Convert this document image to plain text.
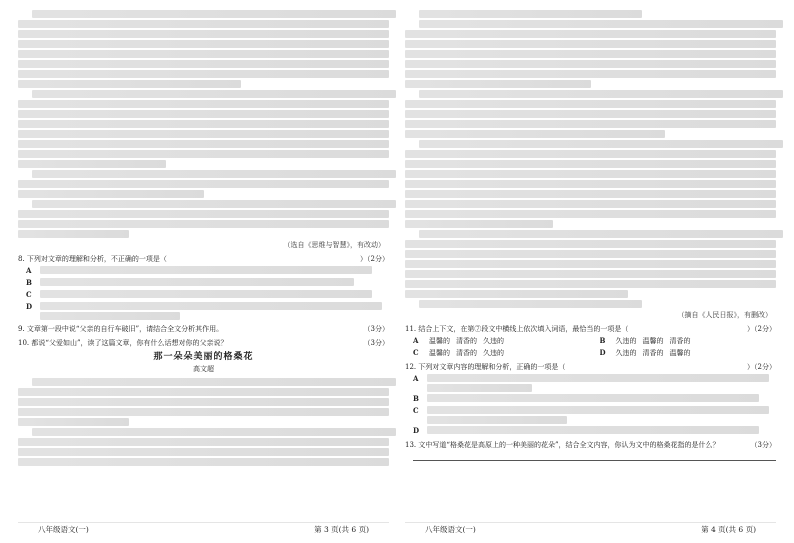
（选自《思维与智慧》，有改动）
8. 下列对文章的理解和分析，不正确的一项是（	）（2分）
A
B
C
D
9. 文章第一段中说“父亲的自行车破旧”，请结合全文分析其作用。	（3分）
10. 都说“父爱如山”，读了这篇文章，你有什么话想对你的父亲说？	（3分）
那一朵朵美丽的格桑花
高文超
八年级语文(一)	第 3 页(共 6 页)
（摘自《人民日报》，有删改）
11. 结合上下文，在第⑦段文中横线上依次填入词语，最恰当的一项是（	）（2分）
A	温馨的 清香的 久违的	B	久违的 温馨的 清香的
C	温馨的 清香的 久违的	D	久违的 清香的 温馨的
12. 下列对文章内容的理解和分析，正确的一项是（	）（2分）
A
B
C
D
13. 文中写道“格桑花是高原上的一种美丽的花朵”，结合全文内容，你认为文中的格桑花指的是什么？	（3分）
八年级语文(一)	第 4 页(共 6 页)
